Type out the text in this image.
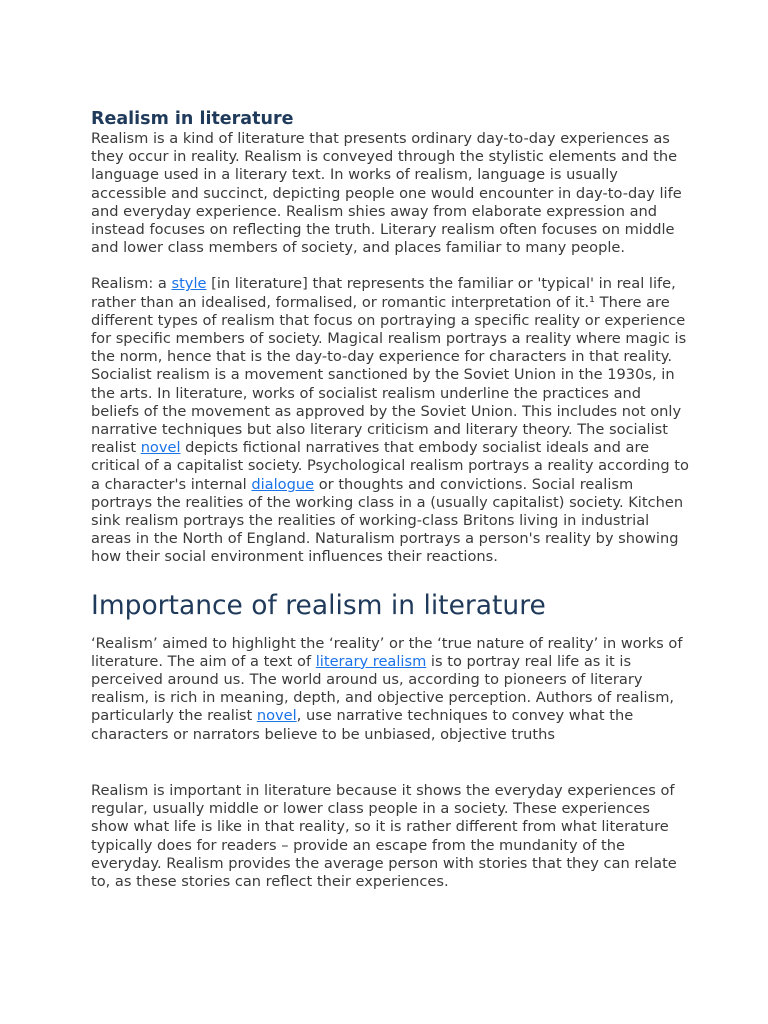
Realism in literature

Realism is a kind of literature that presents ordinary day-to-day experiences as they occur in reality. Realism is conveyed through the stylistic elements and the language used in a literary text. In works of realism, language is usually accessible and succinct, depicting people one would encounter in day-to-day life and everyday experience. Realism shies away from elaborate expression and instead focuses on reflecting the truth. Literary realism often focuses on middle and lower class members of society, and places familiar to many people.

Realism: a style [in literature] that represents the familiar or 'typical' in real life, rather than an idealised, formalised, or romantic interpretation of it.¹ There are different types of realism that focus on portraying a specific reality or experience for specific members of society. Magical realism portrays a reality where magic is the norm, hence that is the day-to-day experience for characters in that reality. Socialist realism is a movement sanctioned by the Soviet Union in the 1930s, in the arts. In literature, works of socialist realism underline the practices and beliefs of the movement as approved by the Soviet Union. This includes not only narrative techniques but also literary criticism and literary theory. The socialist realist novel depicts fictional narratives that embody socialist ideals and are critical of a capitalist society. Psychological realism portrays a reality according to a character's internal dialogue or thoughts and convictions. Social realism portrays the realities of the working class in a (usually capitalist) society. Kitchen sink realism portrays the realities of working-class Britons living in industrial areas in the North of England. Naturalism portrays a person's reality by showing how their social environment influences their reactions.

Importance of realism in literature

‘Realism’ aimed to highlight the ‘reality’ or the ‘true nature of reality’ in works of literature. The aim of a text of literary realism is to portray real life as it is perceived around us. The world around us, according to pioneers of literary realism, is rich in meaning, depth, and objective perception. Authors of realism, particularly the realist novel, use narrative techniques to convey what the characters or narrators believe to be unbiased, objective truths

Realism is important in literature because it shows the everyday experiences of regular, usually middle or lower class people in a society. These experiences show what life is like in that reality, so it is rather different from what literature typically does for readers – provide an escape from the mundanity of the everyday. Realism provides the average person with stories that they can relate to, as these stories can reflect their experiences.
